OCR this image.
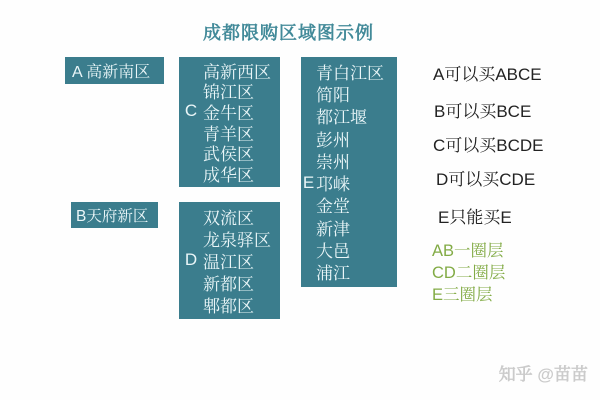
成都限购区域图示例
A 高新南区
B天府新区
高新西区
锦江区
C 金牛区
青羊区
武侯区
成华区
双流区
龙泉驿区
D 温江区
新都区
郫都区
青白江区
简阳
都江堰
彭州
崇州
E 邛崃
金堂
新津
大邑
浦江
A可以买ABCE
B可以买BCE
C可以买BCDE
D可以买CDE
E只能买E
AB一圈层
CD二圈层
E三圈层
知乎 @苗苗
